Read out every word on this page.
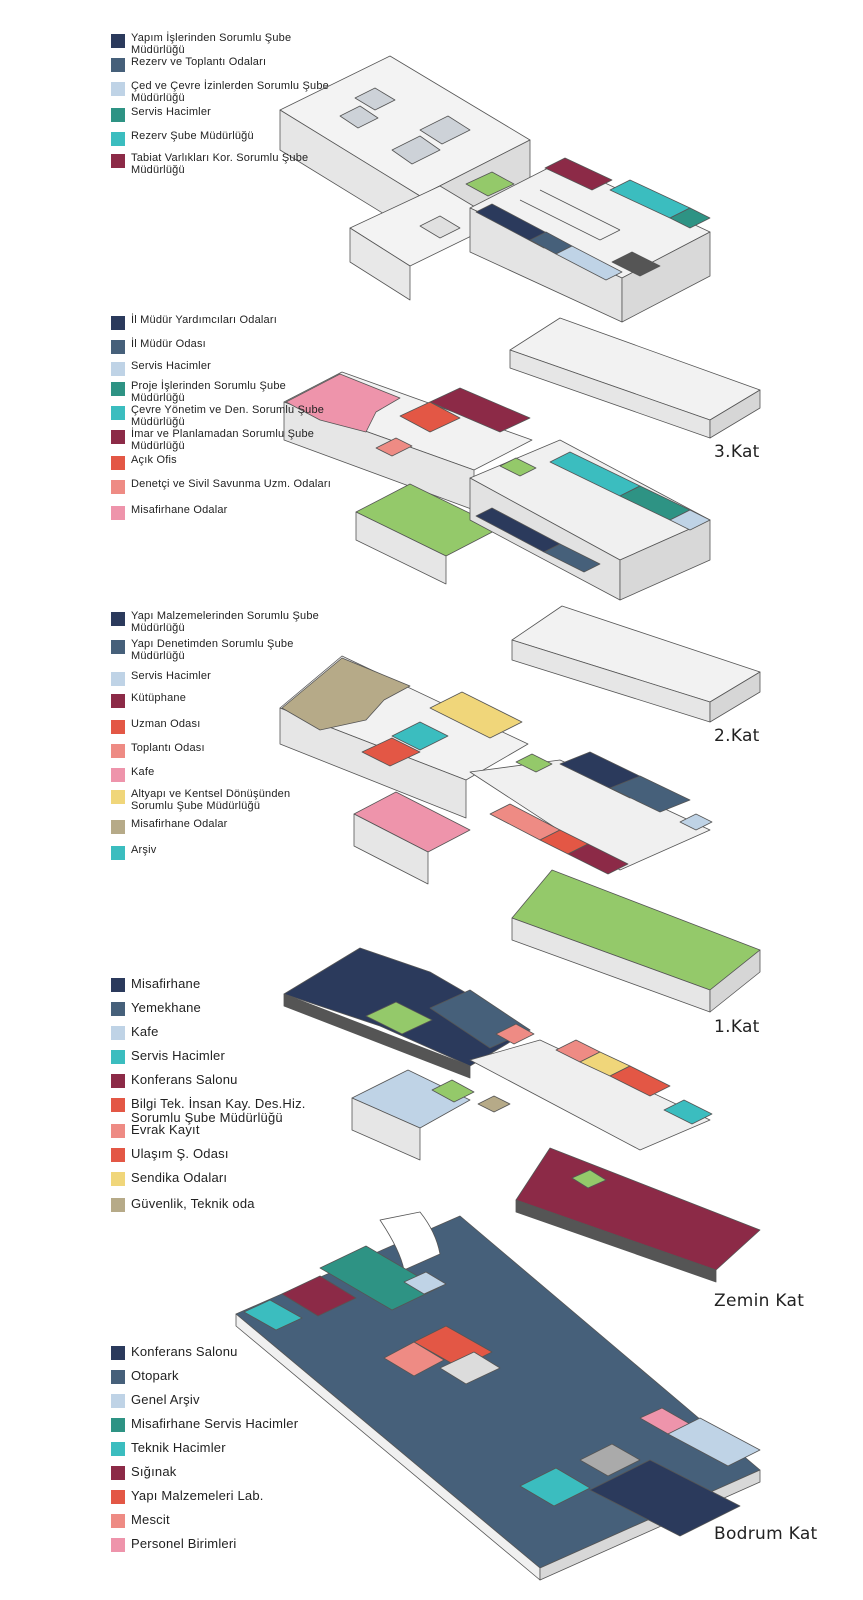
Yapım İşlerinden Sorumlu Şube Müdürlüğü
Rezerv ve Toplantı Odaları
Çed ve Çevre İzinlerden Sorumlu Şube Müdürlüğü
Servis Hacimler
Rezerv Şube Müdürlüğü
Tabiat Varlıkları Kor. Sorumlu Şube Müdürlüğü
İl Müdür Yardımcıları Odaları
İl Müdür Odası
Servis Hacimler
Proje İşlerinden Sorumlu Şube Müdürlüğü
Çevre Yönetim ve Den. Sorumlu Şube Müdürlüğü
İmar ve Planlamadan Sorumlu Şube Müdürlüğü
Açık Ofis
Denetçi ve Sivil Savunma Uzm. Odaları
Misafirhane Odalar
Yapı Malzemelerinden Sorumlu Şube Müdürlüğü
Yapı Denetimden Sorumlu Şube Müdürlüğü
Servis Hacimler
Kütüphane
Uzman Odası
Toplantı Odası
Kafe
Altyapı ve Kentsel Dönüşünden Sorumlu Şube Müdürlüğü
Misafirhane Odalar
Arşiv
Misafirhane
Yemekhane
Kafe
Servis Hacimler
Konferans Salonu
Bilgi Tek. İnsan Kay. Des.Hiz. Sorumlu Şube Müdürlüğü
Evrak Kayıt
Ulaşım Ş. Odası
Sendika Odaları
Güvenlik, Teknik oda
Konferans Salonu
Otopark
Genel Arşiv
Misafirhane Servis Hacimler
Teknik Hacimler
Sığınak
Yapı Malzemeleri Lab.
Mescit
Personel Birimleri
3.Kat
2.Kat
1.Kat
Zemin Kat
Bodrum Kat
